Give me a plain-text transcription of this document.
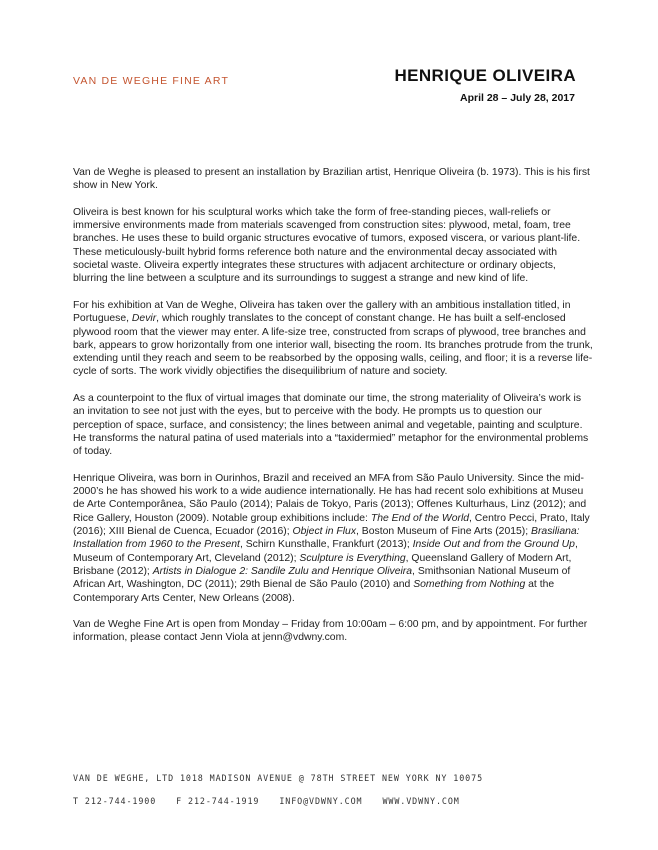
VAN DE WEGHE FINE ART	HENRIQUE OLIVEIRA
April 28 – July 28, 2017

Van de Weghe is pleased to present an installation by Brazilian artist, Henrique Oliveira (b. 1973). This is his first show in New York.

Oliveira is best known for his sculptural works which take the form of free-standing pieces, wall-reliefs or immersive environments made from materials scavenged from construction sites: plywood, metal, foam, tree branches. He uses these to build organic structures evocative of tumors, exposed viscera, or various plant-life. These meticulously-built hybrid forms reference both nature and the environmental decay associated with societal waste. Oliveira expertly integrates these structures with adjacent architecture or ordinary objects, blurring the line between a sculpture and its surroundings to suggest a strange and new kind of life.

For his exhibition at Van de Weghe, Oliveira has taken over the gallery with an ambitious installation titled, in Portuguese, Devir, which roughly translates to the concept of constant change. He has built a self-enclosed plywood room that the viewer may enter. A life-size tree, constructed from scraps of plywood, tree branches and bark, appears to grow horizontally from one interior wall, bisecting the room. Its branches protrude from the trunk, extending until they reach and seem to be reabsorbed by the opposing walls, ceiling, and floor; it is a reverse life-cycle of sorts. The work vividly objectifies the disequilibrium of nature and society.

As a counterpoint to the flux of virtual images that dominate our time, the strong materiality of Oliveira’s work is an invitation to see not just with the eyes, but to perceive with the body. He prompts us to question our perception of space, surface, and consistency; the lines between animal and vegetable, painting and sculpture. He transforms the natural patina of used materials into a “taxidermied” metaphor for the environmental problems of today.

Henrique Oliveira, was born in Ourinhos, Brazil and received an MFA from São Paulo University. Since the mid-2000’s he has showed his work to a wide audience internationally. He has had recent solo exhibitions at Museu de Arte Contemporânea, São Paulo (2014); Palais de Tokyo, Paris (2013); Offenes Kulturhaus, Linz (2012); and Rice Gallery, Houston (2009). Notable group exhibitions include: The End of the World, Centro Pecci, Prato, Italy (2016); XIII Bienal de Cuenca, Ecuador (2016); Object in Flux, Boston Museum of Fine Arts (2015); Brasiliana: Installation from 1960 to the Present, Schirn Kunsthalle, Frankfurt (2013); Inside Out and from the Ground Up, Museum of Contemporary Art, Cleveland (2012); Sculpture is Everything, Queensland Gallery of Modern Art, Brisbane (2012); Artists in Dialogue 2: Sandile Zulu and Henrique Oliveira, Smithsonian National Museum of African Art, Washington, DC (2011); 29th Bienal de São Paulo (2010) and Something from Nothing at the Contemporary Arts Center, New Orleans (2008).

Van de Weghe Fine Art is open from Monday – Friday from 10:00am – 6:00 pm, and by appointment. For further information, please contact Jenn Viola at jenn@vdwny.com.

VAN DE WEGHE, LTD 1018 MADISON AVENUE @ 78TH STREET NEW YORK NY 10075
T 212-744-1900 F 212-744-1919 INFO@VDWNY.COM WWW.VDWNY.COM
